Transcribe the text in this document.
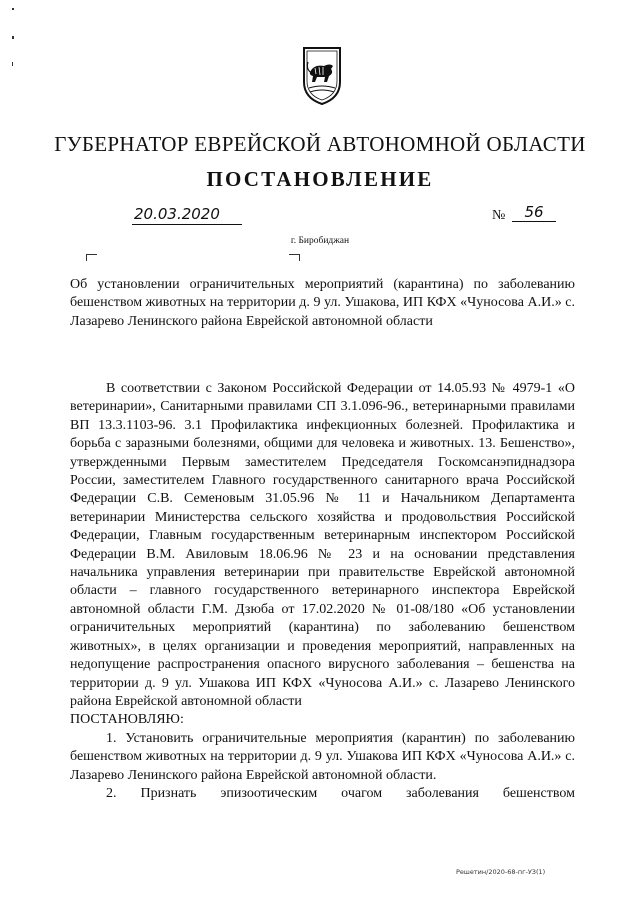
ГУБЕРНАТОР ЕВРЕЙСКОЙ АВТОНОМНОЙ ОБЛАСТИ
ПОСТАНОВЛЕНИЕ
20.03.2020	№	56
г. Биробиджан
Об установлении ограничительных мероприятий (карантина) по заболеванию бешенством животных на территории д. 9 ул. Ушакова, ИП КФХ «Чуносова А.И.» с. Лазарево Ленинского района Еврейской автономной области

В соответствии с Законом Российской Федерации от 14.05.93 № 4979-1 «О ветеринарии», Санитарными правилами СП 3.1.096-96., ветеринарными правилами ВП 13.3.1103-96. 3.1 Профилактика инфекционных болезней. Профилактика и борьба с заразными болезнями, общими для человека и животных. 13. Бешенство», утвержденными Первым заместителем Председателя Госкомсанэпиднадзора России, заместителем Главного государственного санитарного врача Российской Федерации С.В. Семеновым 31.05.96 № 11 и Начальником Департамента ветеринарии Министерства сельского хозяйства и продовольствия Российской Федерации, Главным государственным ветеринарным инспектором Российской Федерации В.М. Авиловым 18.06.96 № 23 и на основании представления начальника управления ветеринарии при правительстве Еврейской автономной области – главного государственного ветеринарного инспектора Еврейской автономной области Г.М. Дзюба от 17.02.2020 № 01-08/180 «Об установлении ограничительных мероприятий (карантина) по заболеванию бешенством животных», в целях организации и проведения мероприятий, направленных на недопущение распространения опасного вирусного заболевания – бешенства на территории д. 9 ул. Ушакова ИП КФХ «Чуносова А.И.» с. Лазарево Ленинского района Еврейской автономной области

ПОСТАНОВЛЯЮ:

1. Установить ограничительные мероприятия (карантин) по заболеванию бешенством животных на территории д. 9 ул. Ушакова ИП КФХ «Чуносова А.И.» с. Лазарево Ленинского района Еврейской автономной области.

2. Признать эпизоотическим очагом заболевания бешенством

Решетин/2020-68-пг-УЗ(1)
